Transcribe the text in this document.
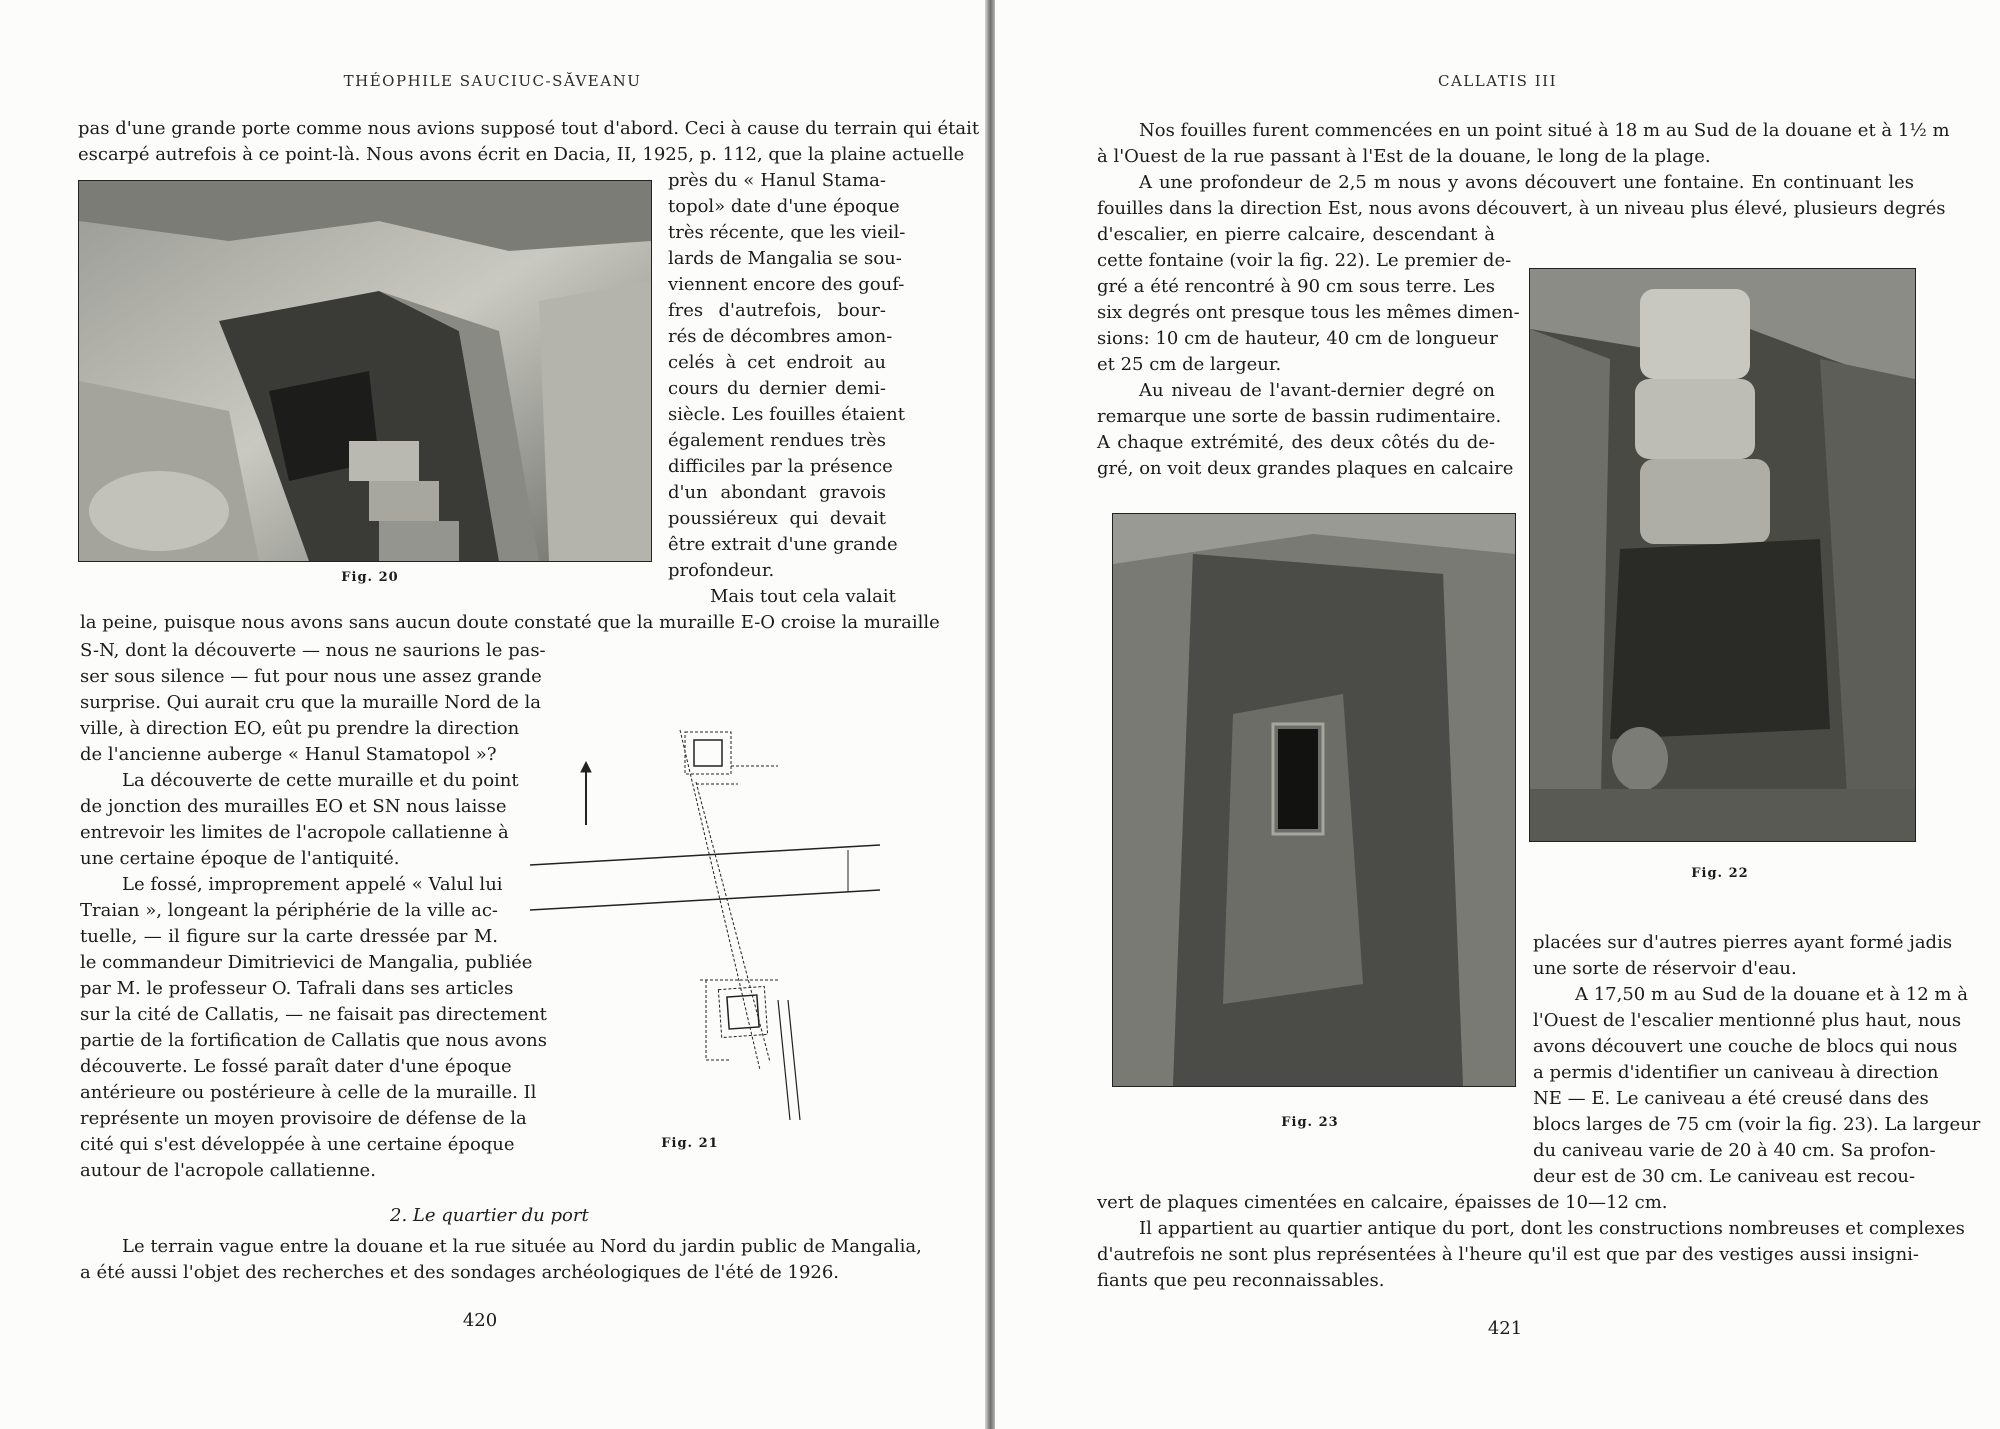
THÉOPHILE SAUCIUC-SĂVEANU
Fig. 20
pas d'une grande porte comme nous avions supposé tout d'abord. Ceci à cause du terrain qui était
escarpé autrefois à ce point-là. Nous avons écrit en Dacia, II, 1925, p. 112, que la plaine actuelle
près du « Hanul Stama-
topol» date d'une époque
très récente, que les vieil-
lards de Mangalia se sou-
viennent encore des gouf-
fres d'autrefois, bour-
rés de décombres amon-
celés à cet endroit au
cours du dernier demi-
siècle. Les fouilles étaient
également rendues très
difficiles par la présence
d'un abondant gravois
poussiéreux qui devait
être extrait d'une grande
profondeur.
Mais tout cela valait
la peine, puisque nous avons sans aucun doute constaté que la muraille E-O croise la muraille
S-N, dont la découverte — nous ne saurions le pas-
ser sous silence — fut pour nous une assez grande
surprise. Qui aurait cru que la muraille Nord de la
ville, à direction EO, eût pu prendre la direction
de l'ancienne auberge « Hanul Stamatopol »?
La découverte de cette muraille et du point
de jonction des murailles EO et SN nous laisse
entrevoir les limites de l'acropole callatienne à
une certaine époque de l'antiquité.
Le fossé, improprement appelé « Valul lui
Traian », longeant la périphérie de la ville ac-
tuelle, — il figure sur la carte dressée par M.
le commandeur Dimitrievici de Mangalia, publiée
par M. le professeur O. Tafrali dans ses articles
sur la cité de Callatis, — ne faisait pas directement
partie de la fortification de Callatis que nous avons
découverte. Le fossé paraît dater d'une époque
antérieure ou postérieure à celle de la muraille. Il
représente un moyen provisoire de défense de la
cité qui s'est développée à une certaine époque
autour de l'acropole callatienne.
2. Le quartier du port
Le terrain vague entre la douane et la rue située au Nord du jardin public de Mangalia,
a été aussi l'objet des recherches et des sondages archéologiques de l'été de 1926.
Fig. 21
420
CALLATIS III
Nos fouilles furent commencées en un point situé à 18 m au Sud de la douane et à 1½ m
à l'Ouest de la rue passant à l'Est de la douane, le long de la plage.
A une profondeur de 2,5 m nous y avons découvert une fontaine. En continuant les
fouilles dans la direction Est, nous avons découvert, à un niveau plus élevé, plusieurs degrés
d'escalier, en pierre calcaire, descendant à
cette fontaine (voir la fig. 22). Le premier de-
gré a été rencontré à 90 cm sous terre. Les
six degrés ont presque tous les mêmes dimen-
sions: 10 cm de hauteur, 40 cm de longueur
et 25 cm de largeur.
Au niveau de l'avant-dernier degré on
remarque une sorte de bassin rudimentaire.
A chaque extrémité, des deux côtés du de-
gré, on voit deux grandes plaques en calcaire
Fig. 22
Fig. 23
placées sur d'autres pierres ayant formé jadis
une sorte de réservoir d'eau.
A 17,50 m au Sud de la douane et à 12 m à
l'Ouest de l'escalier mentionné plus haut, nous
avons découvert une couche de blocs qui nous
a permis d'identifier un caniveau à direction
NE — E. Le caniveau a été creusé dans des
blocs larges de 75 cm (voir la fig. 23). La largeur
du caniveau varie de 20 à 40 cm. Sa profon-
deur est de 30 cm. Le caniveau est recou-
vert de plaques cimentées en calcaire, épaisses de 10—12 cm.
Il appartient au quartier antique du port, dont les constructions nombreuses et complexes
d'autrefois ne sont plus représentées à l'heure qu'il est que par des vestiges aussi insigni-
fiants que peu reconnaissables.
421
